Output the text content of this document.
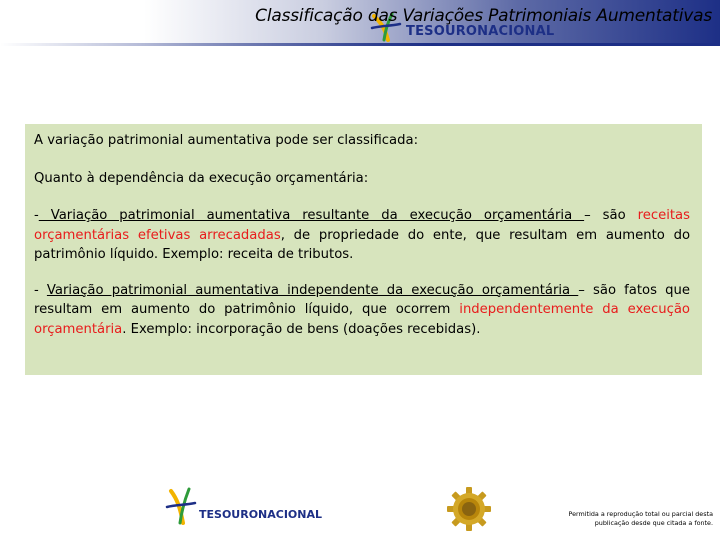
TESOURONACIONAL
Classificação das Variações Patrimoniais Aumentativas

A variação patrimonial aumentativa pode ser classificada:

Quanto à dependência da execução orçamentária:

- Variação patrimonial aumentativa resultante da execução orçamentária – são receitas orçamentárias efetivas arrecadadas, de propriedade do ente, que resultam em aumento do patrimônio líquido. Exemplo: receita de tributos.

- Variação patrimonial aumentativa independente da execução orçamentária – são fatos que resultam em aumento do patrimônio líquido, que ocorrem independentemente da execução orçamentária. Exemplo: incorporação de bens (doações recebidas).

TESOURONACIONAL	Permitida a reprodução total ou parcial desta publicação desde que citada a fonte.
